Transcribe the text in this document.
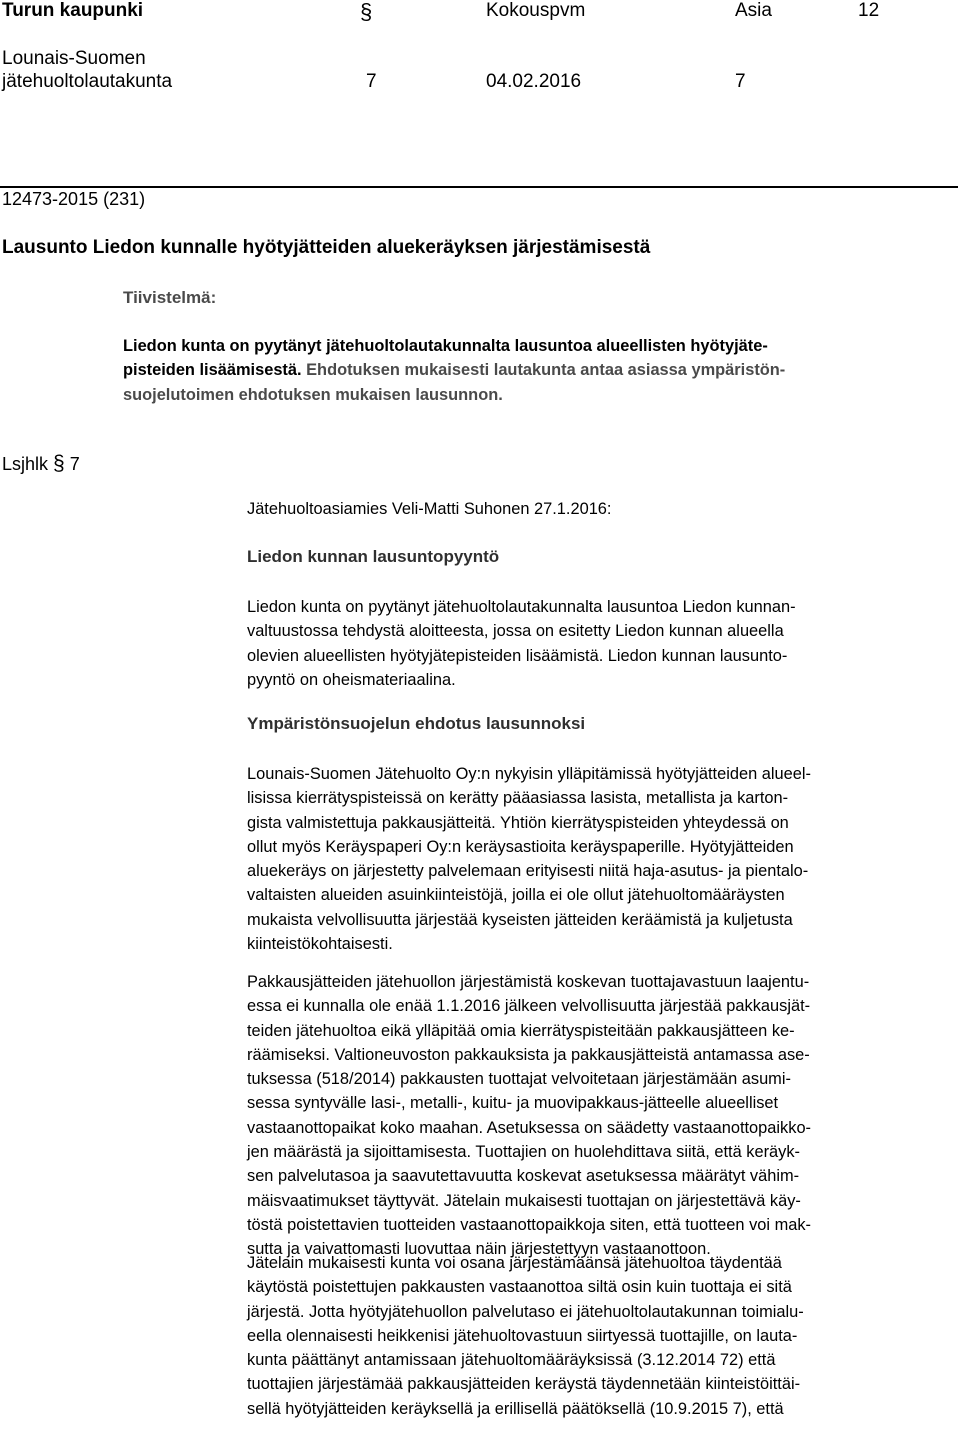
Turun kaupunki	§	Kokouspvm	Asia	12
Lounais-Suomen
jätehuoltolautakunta	7	04.02.2016	7
12473-2015 (231)
Lausunto Liedon kunnalle hyötyjätteiden aluekeräyksen järjestämisestä
Tiivistelmä:
Liedon kunta on pyytänyt jätehuoltolautakunnalta lausuntoa alueellisten hyötyjäte-
pisteiden lisäämisestä. Ehdotuksen mukaisesti lautakunta antaa asiassa ympäristön-
suojelutoimen ehdotuksen mukaisen lausunnon.
Lsjhlk § 7
Jätehuoltoasiamies Veli-Matti Suhonen 27.1.2016:
Liedon kunnan lausuntopyyntö
Liedon kunta on pyytänyt jätehuoltolautakunnalta lausuntoa Liedon kunnan-
valtuustossa tehdystä aloitteesta, jossa on esitetty Liedon kunnan alueella
olevien alueellisten hyötyjätepisteiden lisäämistä. Liedon kunnan lausunto-
pyyntö on oheismateriaalina.
Ympäristönsuojelun ehdotus lausunnoksi
Lounais-Suomen Jätehuolto Oy:n nykyisin ylläpitämissä hyötyjätteiden alueel-
lisissa kierrätyspisteissä on kerätty pääasiassa lasista, metallista ja karton-
gista valmistettuja pakkausjätteitä. Yhtiön kierrätyspisteiden yhteydessä on
ollut myös Keräyspaperi Oy:n keräysastioita keräyspaperille. Hyötyjätteiden
aluekeräys on järjestetty palvelemaan erityisesti niitä haja-asutus- ja pientalo-
valtaisten alueiden asuinkiinteistöjä, joilla ei ole ollut jätehuoltomääräysten
mukaista velvollisuutta järjestää kyseisten jätteiden keräämistä ja kuljetusta
kiinteistökohtaisesti.
Pakkausjätteiden jätehuollon järjestämistä koskevan tuottajavastuun laajentu-
essa ei kunnalla ole enää 1.1.2016 jälkeen velvollisuutta järjestää pakkausjät-
teiden jätehuoltoa eikä ylläpitää omia kierrätyspisteitään pakkausjätteen ke-
räämiseksi. Valtioneuvoston pakkauksista ja pakkausjätteistä antamassa ase-
tuksessa (518/2014) pakkausten tuottajat velvoitetaan järjestämään asumi-
sessa syntyvälle lasi-, metalli-, kuitu- ja muovipakkaus-jätteelle alueelliset
vastaanottopaikat koko maahan. Asetuksessa on säädetty vastaanottopaikko-
jen määrästä ja sijoittamisesta. Tuottajien on huolehdittava siitä, että keräyk-
sen palvelutasoa ja saavutettavuutta koskevat asetuksessa määrätyt vähim-
mäisvaatimukset täyttyvät. Jätelain mukaisesti tuottajan on järjestettävä käy-
töstä poistettavien tuotteiden vastaanottopaikkoja siten, että tuotteen voi mak-
sutta ja vaivattomasti luovuttaa näin järjestettyyn vastaanottoon.
Jätelain mukaisesti kunta voi osana järjestämäänsä jätehuoltoa täydentää
käytöstä poistettujen pakkausten vastaanottoa siltä osin kuin tuottaja ei sitä
järjestä. Jotta hyötyjätehuollon palvelutaso ei jätehuoltolautakunnan toimialu-
eella olennaisesti heikkenisi jätehuoltovastuun siirtyessä tuottajille, on lauta-
kunta päättänyt antamissaan jätehuoltomääräyksissä (3.12.2014 72) että
tuottajien järjestämää pakkausjätteiden keräystä täydennetään kiinteistöittäi-
sellä hyötyjätteiden keräyksellä ja erillisellä päätöksellä (10.9.2015 7), että
